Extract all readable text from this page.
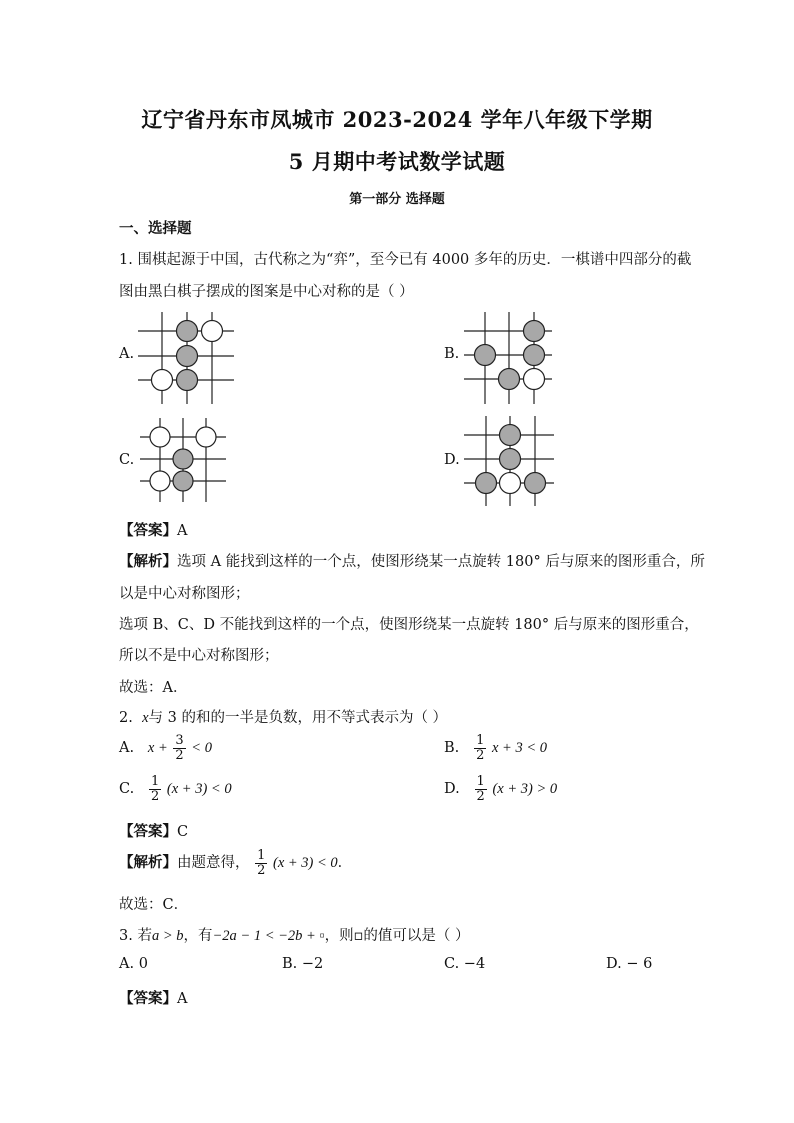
辽宁省丹东市凤城市 2023-2024 学年八年级下学期
5 月期中考试数学试题
第一部分 选择题
一、选择题
1. 围棋起源于中国，古代称之为“弈”，至今已有 4000 多年的历史．一棋谱中四部分的截
图由黑白棋子摆成的图案是中心对称的是（ ）
A.	B.
C.	D.
【答案】A
【解析】选项 A 能找到这样的一个点，使图形绕某一点旋转 180° 后与原来的图形重合，所
以是中心对称图形；
选项 B、C、D 不能找到这样的一个点，使图形绕某一点旋转 180° 后与原来的图形重合，
所以不是中心对称图形；
故选：A．
2. x与 3 的和的一半是负数，用不等式表示为（ ）
A. $x + \frac{3}{2} < 0$	B. $\frac{1}{2}$ x + 3 < 0
C. $\frac{1}{2} (x + 3) < 0$	D. $\frac{1}{2} (x + 3) > 0$
【答案】C
【解析】由题意得， $\frac{1}{2} (x + 3) < 0$．
故选：C．
3. 若a > b，有−2a − 1 < −2b + ▫，则▫的值可以是（ ）
A. 0	B. −2	C. −4	D. − 6
【答案】A
